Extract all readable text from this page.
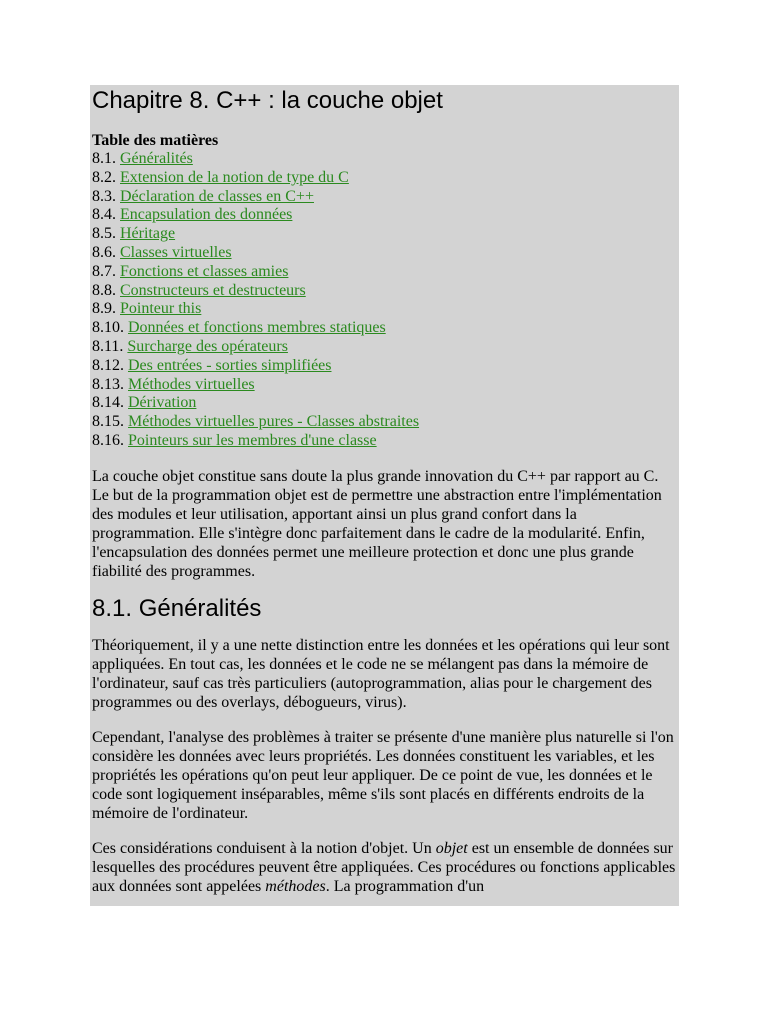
Chapitre 8. C++ : la couche objet
Table des matières
8.1. Généralités
8.2. Extension de la notion de type du C
8.3. Déclaration de classes en C++
8.4. Encapsulation des données
8.5. Héritage
8.6. Classes virtuelles
8.7. Fonctions et classes amies
8.8. Constructeurs et destructeurs
8.9. Pointeur this
8.10. Données et fonctions membres statiques
8.11. Surcharge des opérateurs
8.12. Des entrées - sorties simplifiées
8.13. Méthodes virtuelles
8.14. Dérivation
8.15. Méthodes virtuelles pures - Classes abstraites
8.16. Pointeurs sur les membres d'une classe

La couche objet constitue sans doute la plus grande innovation du C++ par rapport au C. Le but de la programmation objet est de permettre une abstraction entre l'implémentation des modules et leur utilisation, apportant ainsi un plus grand confort dans la programmation. Elle s'intègre donc parfaitement dans le cadre de la modularité. Enfin, l'encapsulation des données permet une meilleure protection et donc une plus grande fiabilité des programmes.

8.1. Généralités

Théoriquement, il y a une nette distinction entre les données et les opérations qui leur sont appliquées. En tout cas, les données et le code ne se mélangent pas dans la mémoire de l'ordinateur, sauf cas très particuliers (autoprogrammation, alias pour le chargement des programmes ou des overlays, débogueurs, virus).

Cependant, l'analyse des problèmes à traiter se présente d'une manière plus naturelle si l'on considère les données avec leurs propriétés. Les données constituent les variables, et les propriétés les opérations qu'on peut leur appliquer. De ce point de vue, les données et le code sont logiquement inséparables, même s'ils sont placés en différents endroits de la mémoire de l'ordinateur.

Ces considérations conduisent à la notion d'objet. Un objet est un ensemble de données sur lesquelles des procédures peuvent être appliquées. Ces procédures ou fonctions applicables aux données sont appelées méthodes. La programmation d'un
